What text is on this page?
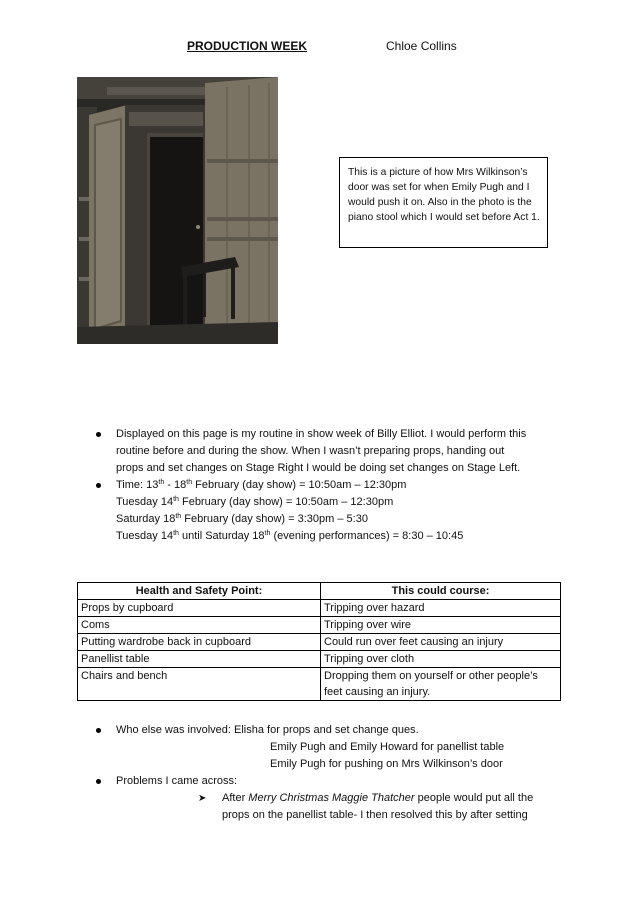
PRODUCTION WEEK	Chloe Collins
This is a picture of how Mrs Wilkinson’s door was set for when Emily Pugh and I would push it on. Also in the photo is the piano stool which I would set before Act 1.
Displayed on this page is my routine in show week of Billy Elliot. I would perform this
routine before and during the show. When I wasn’t preparing props, handing out
props and set changes on Stage Right I would be doing set changes on Stage Left.
Time: 13th - 18th February (day show) = 10:50am – 12:30pm
Tuesday 14th February (day show) = 10:50am – 12:30pm
Saturday 18th February (day show) = 3:30pm – 5:30
Tuesday 14th until Saturday 18th (evening performances) = 8:30 – 10:45
Health and Safety Point:	This could course:
Props by cupboard	Tripping over hazard
Coms	Tripping over wire
Putting wardrobe back in cupboard	Could run over feet causing an injury
Panellist table	Tripping over cloth
Chairs and bench	Dropping them on yourself or other people’s feet causing an injury.
Who else was involved: Elisha for props and set change ques.
Emily Pugh and Emily Howard for panellist table
Emily Pugh for pushing on Mrs Wilkinson’s door
Problems I came across:
➤ After Merry Christmas Maggie Thatcher people would put all the
props on the panellist table- I then resolved this by after setting
